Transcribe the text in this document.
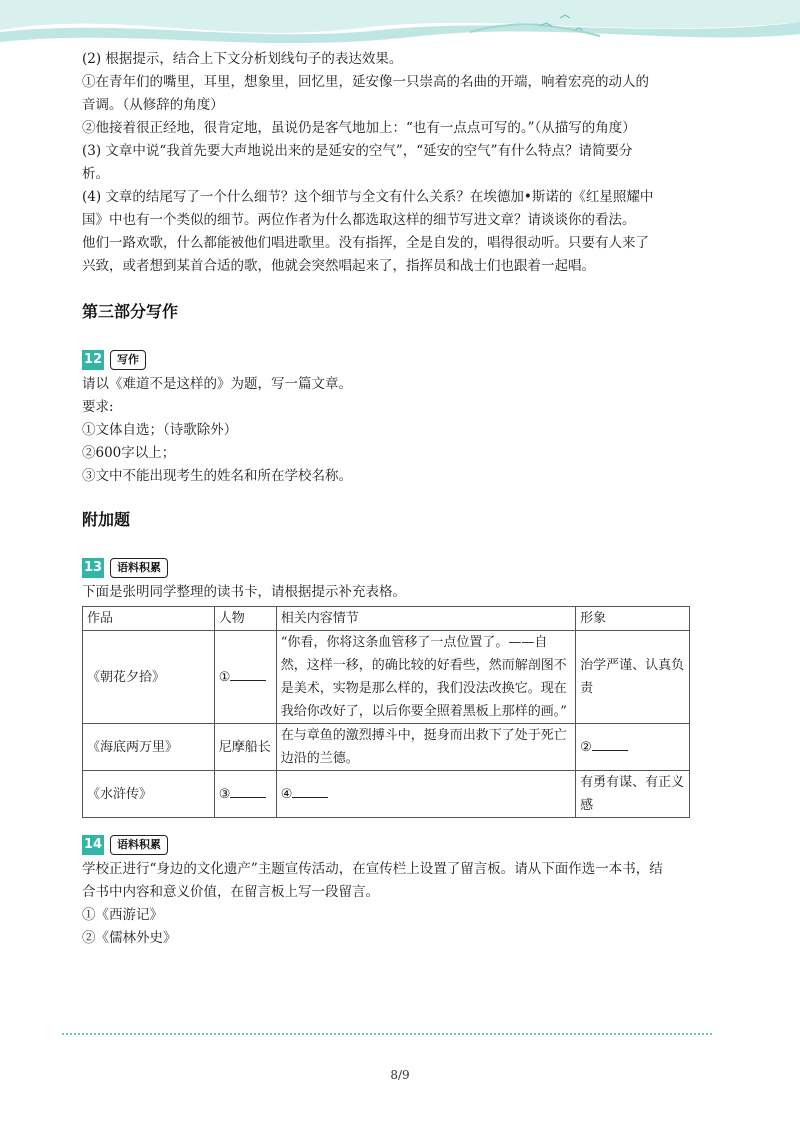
(2) 根据提示，结合上下文分析划线句子的表达效果。

①在青年们的嘴里，耳里，想象里，回忆里，延安像一只崇高的名曲的开端，响着宏亮的动人的

音调。（从修辞的角度）

②他接着很正经地，很肯定地，虽说仍是客气地加上：“也有一点点可写的。”（从描写的角度）

(3) 文章中说“我首先要大声地说出来的是延安的空气”，“延安的空气”有什么特点？请简要分

析。

(4) 文章的结尾写了一个什么细节？这个细节与全文有什么关系？在埃德加•斯诺的《红星照耀中

国》中也有一个类似的细节。两位作者为什么都选取这样的细节写进文章？请谈谈你的看法。

他们一路欢歌，什么都能被他们唱进歌里。没有指挥，全是自发的，唱得很动听。只要有人来了

兴致，或者想到某首合适的歌，他就会突然唱起来了，指挥员和战士们也跟着一起唱。

第三部分写作
12	写作

请以《难道不是这样的》为题，写一篇文章。

要求:

①文体自选；（诗歌除外）

②600字以上；

③文中不能出现考生的姓名和所在学校名称。

附加题
13	语料积累

下面是张明同学整理的读书卡，请根据提示补充表格。

作品	人物	相关内容情节	形象
《朝花夕拾》	①	“你看，你将这条血管移了一点位置了。——自然，这样一移，的确比较的好看些，然而解剖图不是美术，实物是那么样的，我们没法改换它。现在我给你改好了，以后你要全照着黑板上那样的画。”	治学严谨、认真负责
《海底两万里》	尼摩船长	在与章鱼的激烈搏斗中，挺身而出救下了处于死亡边沿的兰德。	②
《水浒传》	③	④	有勇有谋、有正义感
14	语料积累

学校正进行“身边的文化遗产”主题宣传活动，在宣传栏上设置了留言板。请从下面作选一本书，结

合书中内容和意义价值，在留言板上写一段留言。

①《西游记》

②《儒林外史》

8/9
